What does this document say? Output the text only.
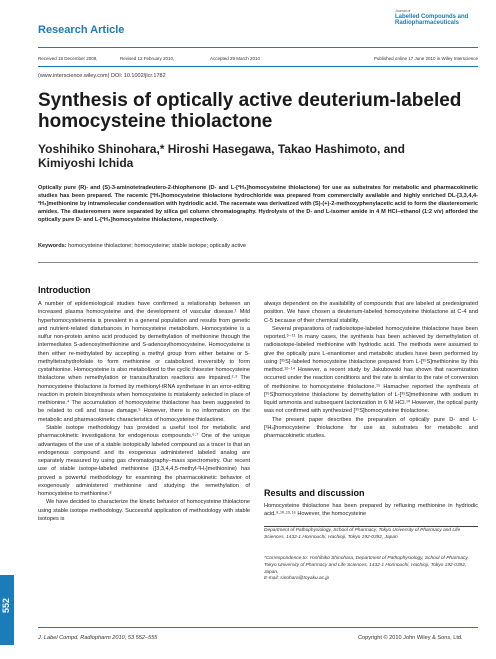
Research Article
Journal of
Labelled Compounds and Radiopharmaceuticals
Received 18 December 2009,	Revised 12 February 2010,	Accepted 29 March 2010	Published online 17 June 2010 in Wiley Interscience
(www.interscience.wiley.com) DOI: 10.1002/jlcr.1782
Synthesis of optically active deuterium-labeled homocysteine thiolactone
Yoshihiko Shinohara,* Hiroshi Hasegawa, Takao Hashimoto, and Kimiyoshi Ichida
Optically pure (R)- and (S)-3-aminotetradeutero-2-thiophenone (D- and L-[²H₄]homocysteine thiolactone) for use as substrates for metabolic and pharmacokinetic studies has been prepared. The racemic [²H₄]homocysteine thiolactone hydrochloride was prepared from commercially available and highly enriched DL-[3,3,4,4-²H₄]methionine by intramolecular condensation with hydriodic acid. The racemate was derivatized with (S)-(+)-2-methoxyphenylacetic acid to form the diastereomeric amides. The diastereomers were separated by silica gel column chromatography. Hydrolysis of the D- and L-isomer amide in 4 M HCl–ethanol (1:2 v/v) afforded the optically pure D- and L-[²H₄]homocysteine thiolactone, respectively.
Keywords: homocysteine thiolactone; homocysteine; stable isotope; optically active
Introduction

A number of epidemiological studies have confirmed a relationship between an increased plasma homocysteine and the development of vascular disease.¹ Mild hyperhomocysteinemia is prevalent in a general population and results from genetic and nutrient-related disturbances in homocysteine metabolism. Homocysteine is a sulfur non-protein amino acid produced by demethylation of methionine through the intermediates S-adenosylmethionine and S-adenosylhomocysteine. Homocysteine is then either re-methylated by accepting a methyl group from either betaine or 5-methyltetrahydrofolate to form methionine or catabolized irreversibly to form cystathionine. Homocysteine is also metabolized to the cyclic thioester homocysteine thiolactone when remethylation or transsulfuration reactions are impaired.²·³ The homocysteine thiolactone is formed by methionyl-tRNA synthetase in an error-editing reaction in protein biosynthesis when homocysteine is mistakenly selected in place of methionine.⁴ The accumulation of homocysteine thiolactone has been suggested to be related to cell and tissue damage.⁵ However, there is no information on the metabolic and pharmacokinetic characteristics of homocysteine thiolactone.

Stable isotope methodology has provided a useful tool for metabolic and pharmacokinetic investigations for endogenous compounds.⁶·⁷ One of the unique advantages of the use of a stable isotopically labeled compound as a tracer is that an endogenous compound and its exogenous administered labeled analog are separately measured by using gas chromatography–mass spectrometry. Our recent use of stable isotope-labeled methionine ([3,3,4,4,5-methyl-²H₇]methionine) has proved a powerful methodology for examining the pharmacokinetic behavior of exogenously administered methionine and studying the remethylation of homocysteine to methionine.⁸

We have decided to characterize the kinetic behavior of homocysteine thiolactone using stable isotope methodology. Successful application of methodology with stable isotopes is

always dependent on the availability of compounds that are labeled at predesignated position. We have chosen a deuterium-labeled homocysteine thiolactone at C-4 and C-5 because of their chemical stability.

Several preparations of radioisotope-labeled homocysteine thiolactone have been reported.⁹⁻¹¹ In many cases, the synthesis has been achieved by demethylation of radioisotope-labeled methionine with hydriodic acid. The methods were assumed to give the optically pure L-enantiomer and metabolic studies have been performed by using [³⁵S]-labeled homocysteine thiolactone prepared from L-[³⁵S]methionine by this method.¹²⁻¹⁴ However, a recent study by Jakubowski has shown that racemization occurred under the reaction conditions and the rate is similar to the rate of conversion of methionine to homocysteine thiolactone.¹⁵ Hamacher reported the synthesis of [³⁵S]homocysteine thiolactone by demethylation of L-[³⁵S]methionine with sodium in liquid ammonia and subsequent lactonization in 6 M HCl.¹⁰ However, the optical purity was not confirmed with synthesized [³⁵S]homocysteine thiolactone.

The present paper describes the preparation of optically pure D- and L-[²H₄]homocysteine thiolactone for use as substrates for metabolic and pharmacokinetic studies.

Results and discussion
Homocysteine thiolactone has been prepared by refluxing methionine in hydriodic acid.⁹·¹⁰·¹³·¹⁶ However, the homocysteine
Department of Pathophysiology, School of Pharmacy, Tokyo University of Pharmacy and Life Sciences, 1432-1 Horinouchi, Hachioji, Tokyo 192-0392, Japan
*Correspondence to: Yoshihiko Shinohara, Department of Pathophysiology, School of Pharmacy, Tokyo University of Pharmacy and Life Sciences, 1432-1 Horinouchi, Hachioji, Tokyo 192-0392, Japan.
E-mail: sinohara@toyaku.ac.jp
552
J. Label Compd. Radiopharm 2010, 53 552–555	Copyright © 2010 John Wiley & Sons, Ltd.
